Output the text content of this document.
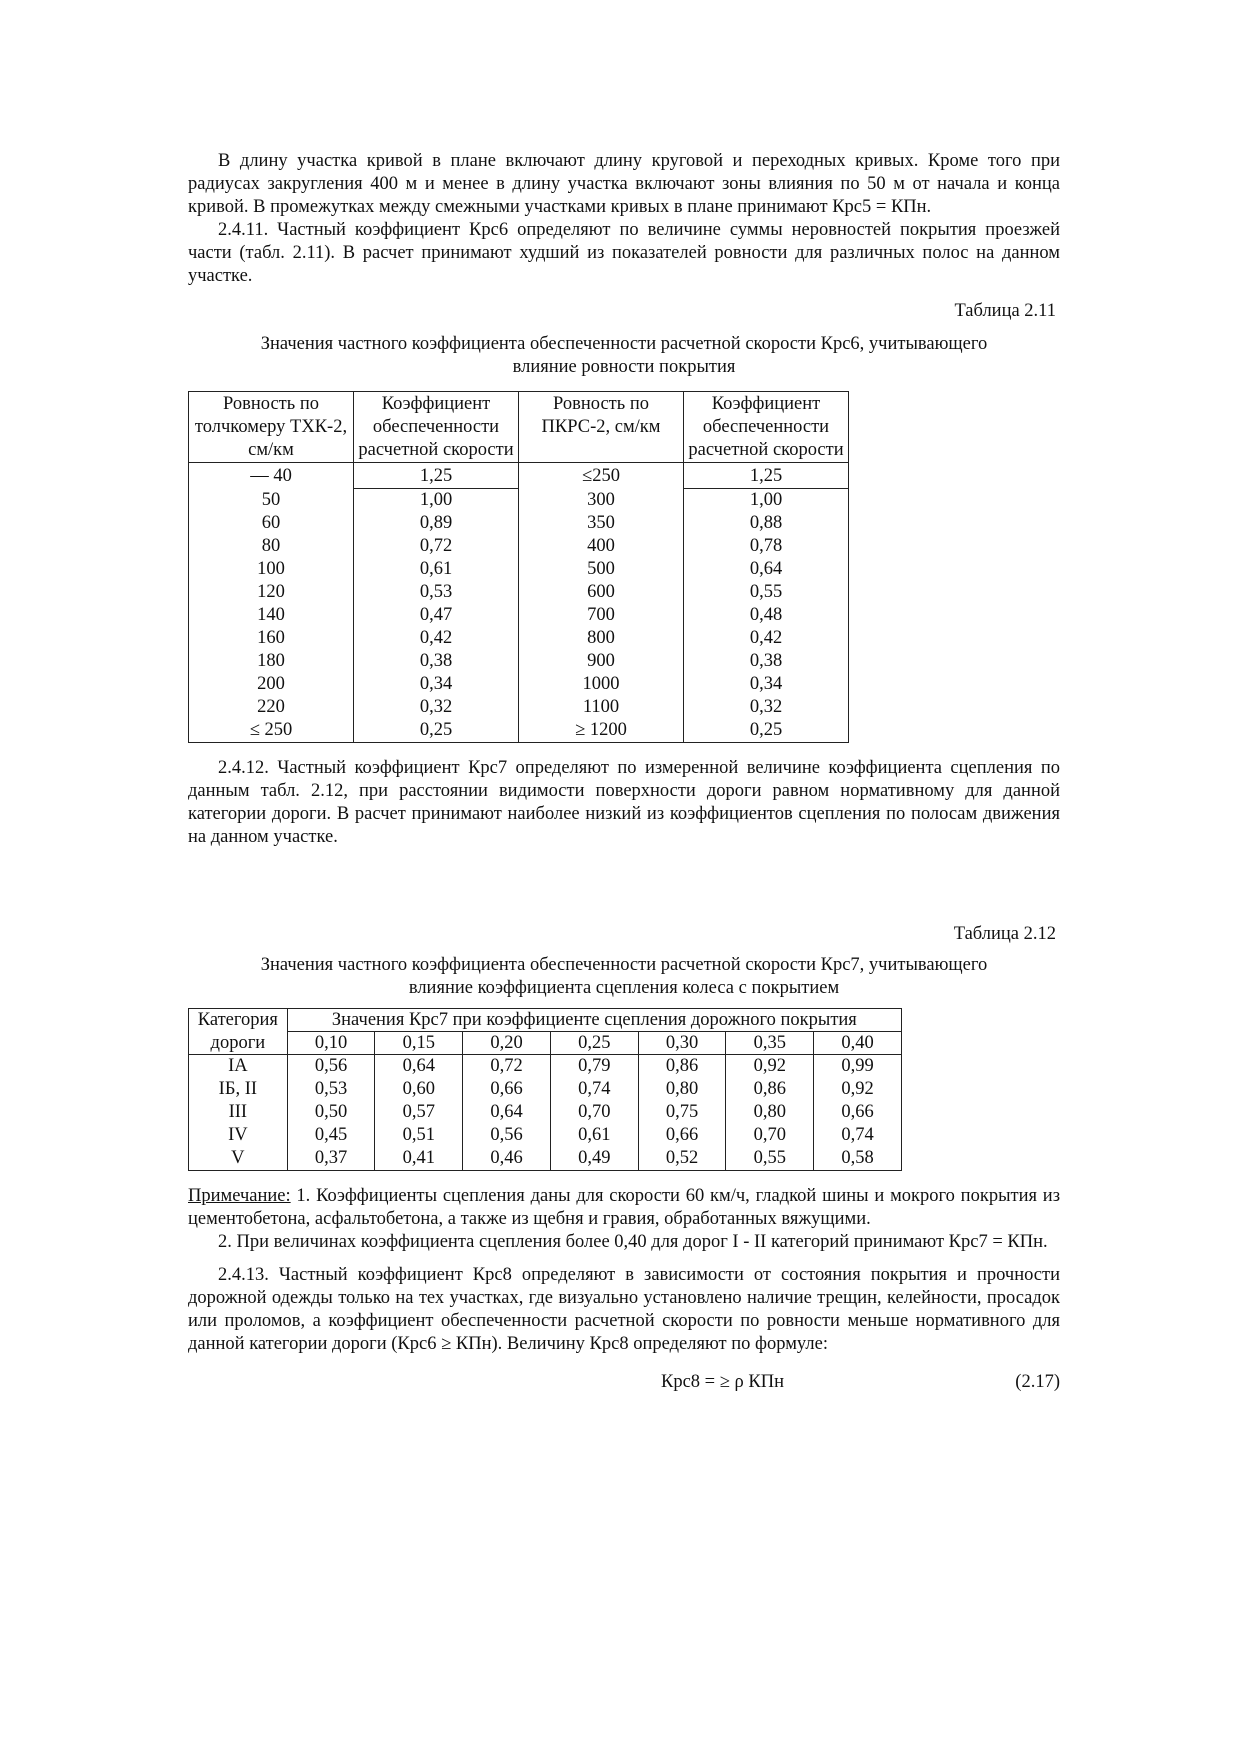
В длину участка кривой в плане включают длину круговой и переходных кривых. Кроме того при радиусах закругления 400 м и менее в длину участка включают зоны влияния по 50 м от начала и конца кривой. В промежутках между смежными участками кривых в плане принимают Крс5 = КПн.

2.4.11. Частный коэффициент Крс6 определяют по величине суммы неровностей покрытия проезжей части (табл. 2.11). В расчет принимают худший из показателей ровности для различных полос на данном участке.

Таблица 2.11
Значения частного коэффициента обеспеченности расчетной скорости Крс6, учитывающего
влияние ровности покрытия
Ровность по толчкомеру ТХК-2, см/км	Коэффициент обеспеченности расчетной скорости	Ровность по ПКРС-2, см/км	Коэффициент обеспеченности расчетной скорости
— 40	1,25	≤250	1,25
50	1,00	300	1,00
60	0,89	350	0,88
80	0,72	400	0,78
100	0,61	500	0,64
120	0,53	600	0,55
140	0,47	700	0,48
160	0,42	800	0,42
180	0,38	900	0,38
200	0,34	1000	0,34
220	0,32	1100	0,32
≤ 250	0,25	≥ 1200	0,25

2.4.12. Частный коэффициент Крс7 определяют по измеренной величине коэффициента сцепления по данным табл. 2.12, при расстоянии видимости поверхности дороги равном нормативному для данной категории дороги. В расчет принимают наиболее низкий из коэффициентов сцепления по полосам движения на данном участке.

Таблица 2.12
Значения частного коэффициента обеспеченности расчетной скорости Крс7, учитывающего
влияние коэффициента сцепления колеса с покрытием
Категория	Значения Крс7 при коэффициенте сцепления дорожного покрытия						
дороги	0,10	0,15	0,20	0,25	0,30	0,35	0,40
IА	0,56	0,64	0,72	0,79	0,86	0,92	0,99
IБ, II	0,53	0,60	0,66	0,74	0,80	0,86	0,92
III	0,50	0,57	0,64	0,70	0,75	0,80	0,66
IV	0,45	0,51	0,56	0,61	0,66	0,70	0,74
V	0,37	0,41	0,46	0,49	0,52	0,55	0,58

Примечание: 1. Коэффициенты сцепления даны для скорости 60 км/ч, гладкой шины и мокрого покрытия из цементобетона, асфальтобетона, а также из щебня и гравия, обработанных вяжущими.

2. При величинах коэффициента сцепления более 0,40 для дорог I - II категорий принимают Крс7 = КПн.

2.4.13. Частный коэффициент Крс8 определяют в зависимости от состояния покрытия и прочности дорожной одежды только на тех участках, где визуально установлено наличие трещин, келейности, просадок или проломов, а коэффициент обеспеченности расчетной скорости по ровности меньше нормативного для данной категории дороги (Крс6 ≥ КПн). Величину Крс8 определяют по формуле:

Крс8 = ≥ ρ КПн	(2.17)
